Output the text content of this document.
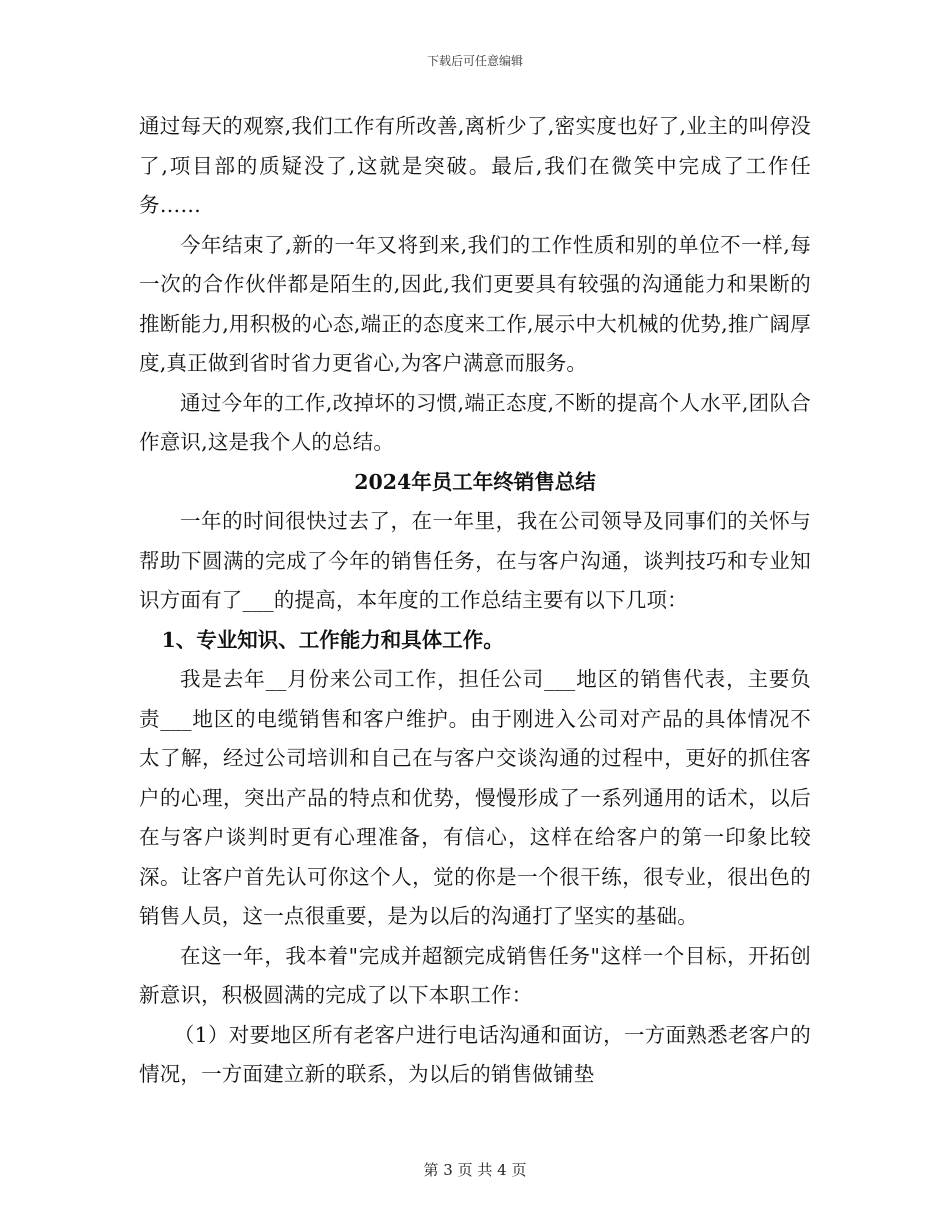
下载后可任意编辑

通过每天的观察,我们工作有所改善,离析少了,密实度也好了,业主的叫停没了,项目部的质疑没了,这就是突破。最后,我们在微笑中完成了工作任务……

今年结束了,新的一年又将到来,我们的工作性质和别的单位不一样,每一次的合作伙伴都是陌生的,因此,我们更要具有较强的沟通能力和果断的推断能力,用积极的心态,端正的态度来工作,展示中大机械的优势,推广阔厚度,真正做到省时省力更省心,为客户满意而服务。

通过今年的工作,改掉坏的习惯,端正态度,不断的提高个人水平,团队合作意识,这是我个人的总结。

2024年员工年终销售总结

一年的时间很快过去了，在一年里，我在公司领导及同事们的关怀与帮助下圆满的完成了今年的销售任务，在与客户沟通，谈判技巧和专业知识方面有了___的提高，本年度的工作总结主要有以下几项：

1、专业知识、工作能力和具体工作。

我是去年__月份来公司工作，担任公司___地区的销售代表，主要负责___地区的电缆销售和客户维护。由于刚进入公司对产品的具体情况不太了解，经过公司培训和自己在与客户交谈沟通的过程中，更好的抓住客户的心理，突出产品的特点和优势，慢慢形成了一系列通用的话术，以后在与客户谈判时更有心理准备，有信心，这样在给客户的第一印象比较深。让客户首先认可你这个人，觉的你是一个很干练，很专业，很出色的销售人员，这一点很重要，是为以后的沟通打了坚实的基础。

在这一年，我本着"完成并超额完成销售任务"这样一个目标，开拓创新意识，积极圆满的完成了以下本职工作：

（1）对要地区所有老客户进行电话沟通和面访，一方面熟悉老客户的情况，一方面建立新的联系，为以后的销售做铺垫

第 3 页 共 4 页
